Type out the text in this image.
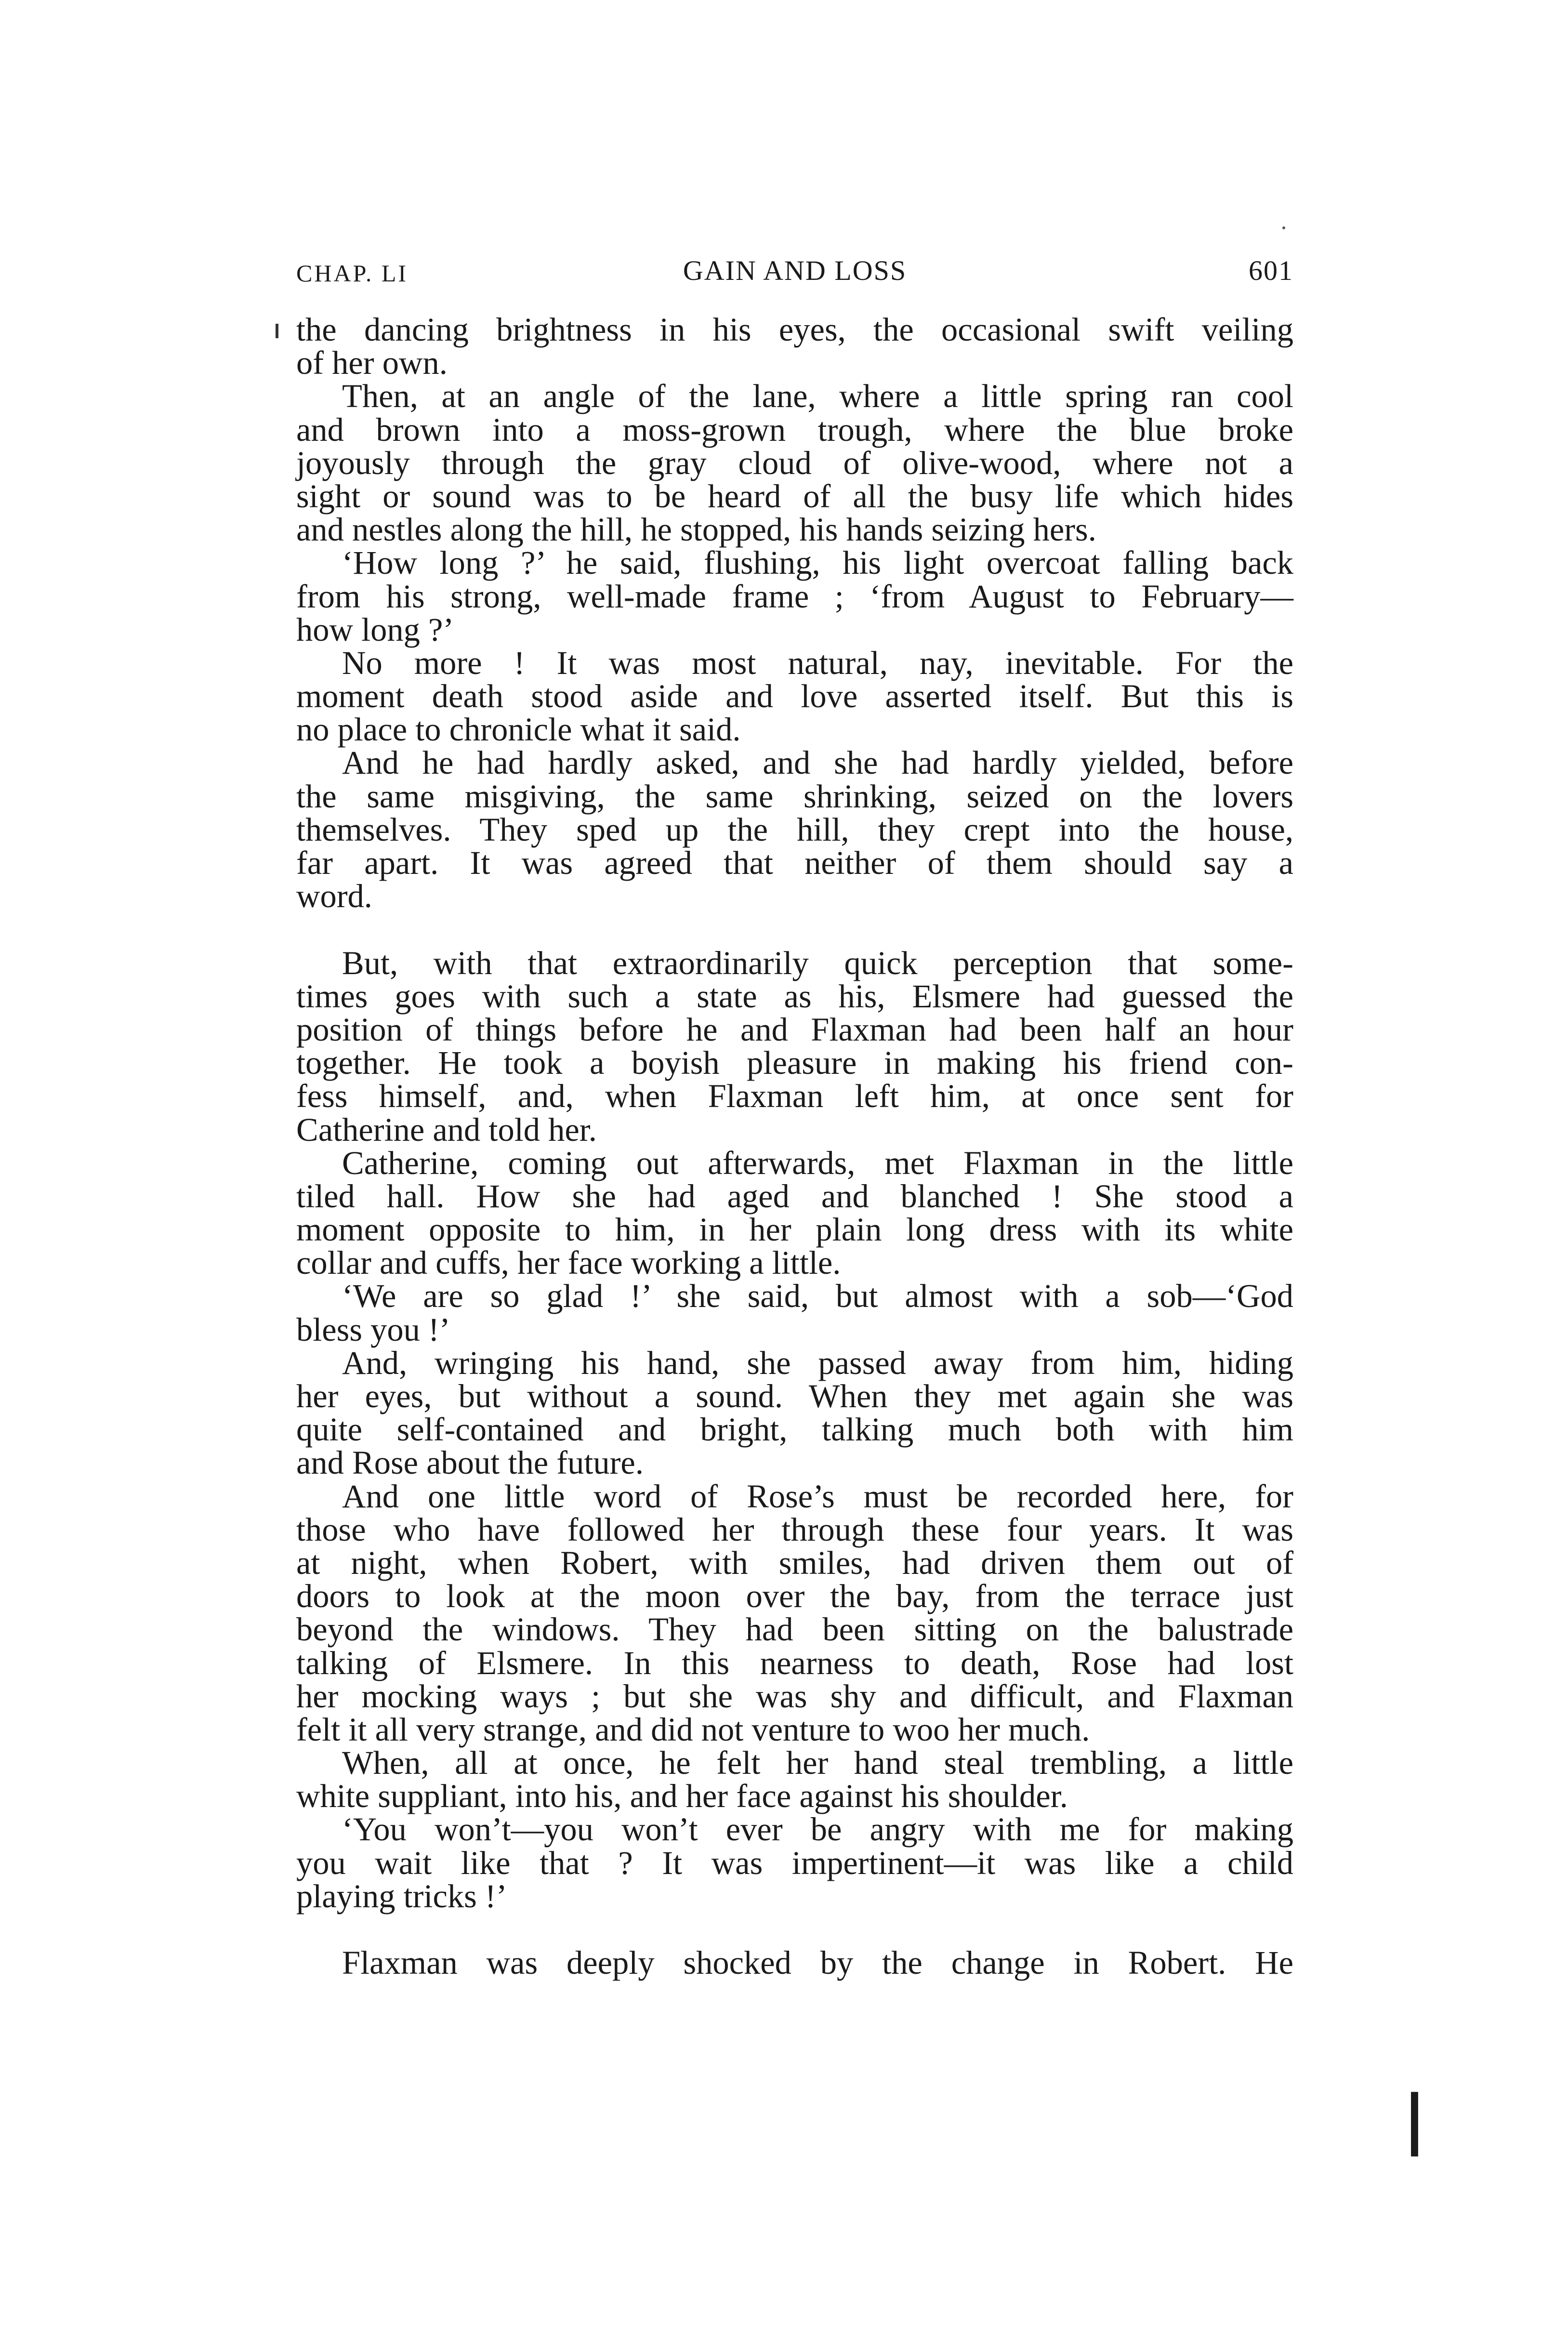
CHAP. LI	GAIN AND LOSS	601
the dancing brightness in his eyes, the occasional swift veiling
of her own.
Then, at an angle of the lane, where a little spring ran cool
and brown into a moss-grown trough, where the blue broke
joyously through the gray cloud of olive-wood, where not a
sight or sound was to be heard of all the busy life which hides
and nestles along the hill, he stopped, his hands seizing hers.
‘How long ?’ he said, flushing, his light overcoat falling back
from his strong, well-made frame ; ‘from August to February—
how long ?’
No more ! It was most natural, nay, inevitable. For the
moment death stood aside and love asserted itself. But this is
no place to chronicle what it said.
And he had hardly asked, and she had hardly yielded, before
the same misgiving, the same shrinking, seized on the lovers
themselves. They sped up the hill, they crept into the house,
far apart. It was agreed that neither of them should say a
word.
But, with that extraordinarily quick perception that some-
times goes with such a state as his, Elsmere had guessed the
position of things before he and Flaxman had been half an hour
together. He took a boyish pleasure in making his friend con-
fess himself, and, when Flaxman left him, at once sent for
Catherine and told her.
Catherine, coming out afterwards, met Flaxman in the little
tiled hall. How she had aged and blanched ! She stood a
moment opposite to him, in her plain long dress with its white
collar and cuffs, her face working a little.
‘We are so glad !’ she said, but almost with a sob—‘God
bless you !’
And, wringing his hand, she passed away from him, hiding
her eyes, but without a sound. When they met again she was
quite self-contained and bright, talking much both with him
and Rose about the future.
And one little word of Rose’s must be recorded here, for
those who have followed her through these four years. It was
at night, when Robert, with smiles, had driven them out of
doors to look at the moon over the bay, from the terrace just
beyond the windows. They had been sitting on the balustrade
talking of Elsmere. In this nearness to death, Rose had lost
her mocking ways ; but she was shy and difficult, and Flaxman
felt it all very strange, and did not venture to woo her much.
When, all at once, he felt her hand steal trembling, a little
white suppliant, into his, and her face against his shoulder.
‘You won’t—you won’t ever be angry with me for making
you wait like that ? It was impertinent—it was like a child
playing tricks !’
Flaxman was deeply shocked by the change in Robert. He
❘
